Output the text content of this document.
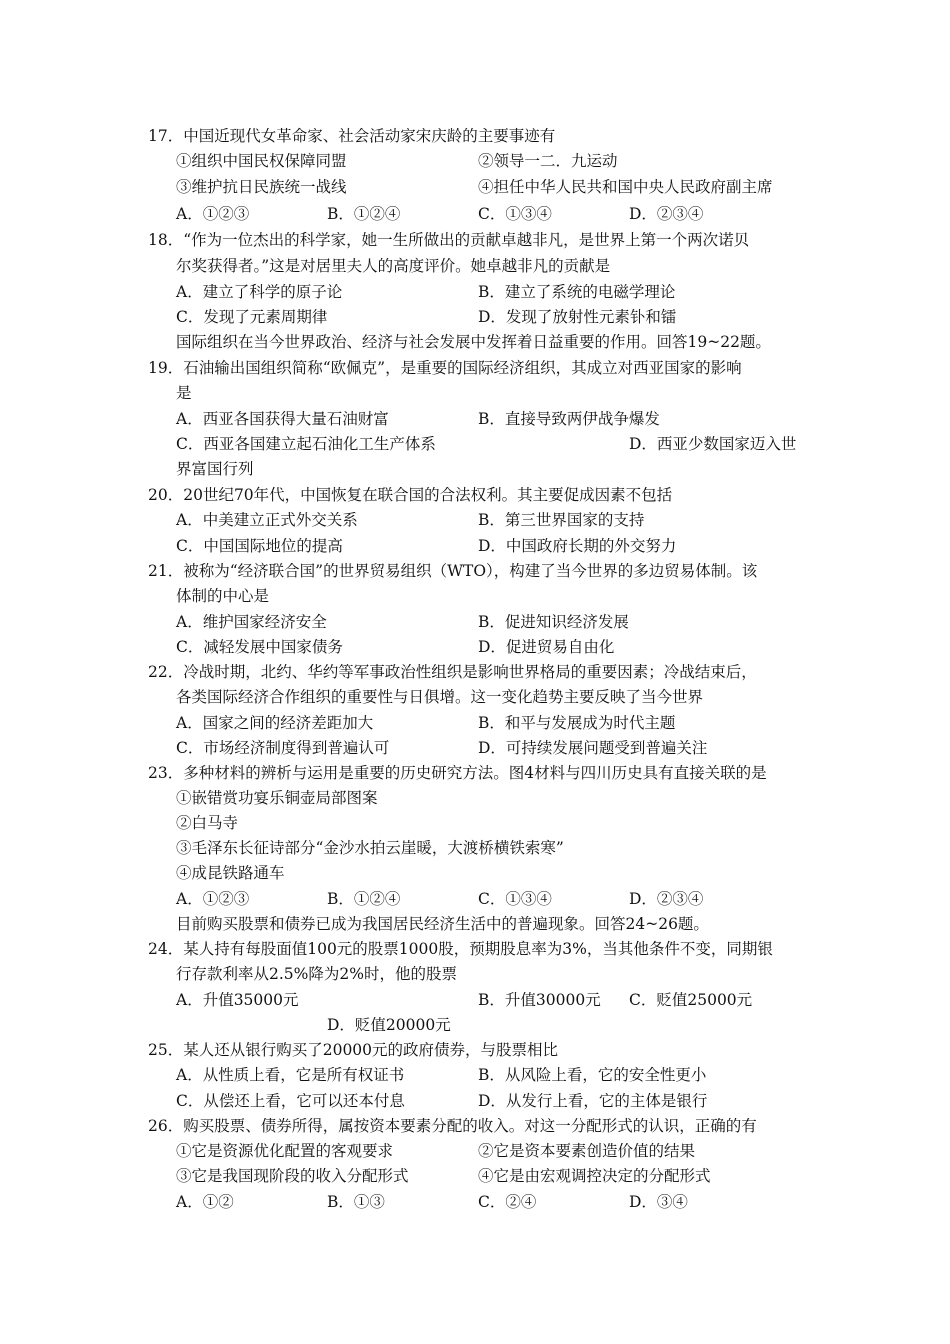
17．中国近现代女革命家、社会活动家宋庆龄的主要事迹有
①组织中国民权保障同盟	②领导一二．九运动
③维护抗日民族统一战线	④担任中华人民共和国中央人民政府副主席
A．①②③	B．①②④	C．①③④	D．②③④
18．“作为一位杰出的科学家，她一生所做出的贡献卓越非凡，是世界上第一个两次诺贝
尔奖获得者。”这是对居里夫人的高度评价。她卓越非凡的贡献是
A．建立了科学的原子论	B．建立了系统的电磁学理论
C．发现了元素周期律	D．发现了放射性元素钋和镭
国际组织在当今世界政治、经济与社会发展中发挥着日益重要的作用。回答19~22题。
19．石油输出国组织简称“欧佩克”，是重要的国际经济组织，其成立对西亚国家的影响
是
A．西亚各国获得大量石油财富	B．直接导致两伊战争爆发
C．西亚各国建立起石油化工生产体系	D．西亚少数国家迈入世
界富国行列
20．20世纪70年代，中国恢复在联合国的合法权利。其主要促成因素不包括
A．中美建立正式外交关系	B．第三世界国家的支持
C．中国国际地位的提高	D．中国政府长期的外交努力
21．被称为“经济联合国”的世界贸易组织（WTO），构建了当今世界的多边贸易体制。该
体制的中心是
A．维护国家经济安全	B．促进知识经济发展
C．减轻发展中国家债务	D．促进贸易自由化
22．冷战时期，北约、华约等军事政治性组织是影响世界格局的重要因素；冷战结束后，
各类国际经济合作组织的重要性与日俱增。这一变化趋势主要反映了当今世界
A．国家之间的经济差距加大	B．和平与发展成为时代主题
C．市场经济制度得到普遍认可	D．可持续发展问题受到普遍关注
23．多种材料的辨析与运用是重要的历史研究方法。图4材料与四川历史具有直接关联的是
①嵌错赏功宴乐铜壶局部图案
②白马寺
③毛泽东长征诗部分“金沙水拍云崖暖，大渡桥横铁索寒”
④成昆铁路通车
A．①②③	B．①②④	C．①③④	D．②③④
目前购买股票和债券已成为我国居民经济生活中的普遍现象。回答24~26题。
24．某人持有每股面值100元的股票1000股，预期股息率为3%，当其他条件不变，同期银
行存款利率从2.5%降为2%时，他的股票
A．升值35000元	B．升值30000元 C．贬值25000元
D．贬值20000元
25．某人还从银行购买了20000元的政府债券，与股票相比
A．从性质上看，它是所有权证书	B．从风险上看，它的安全性更小
C．从偿还上看，它可以还本付息	D．从发行上看，它的主体是银行
26．购买股票、债券所得，属按资本要素分配的收入。对这一分配形式的认识，正确的有
①它是资源优化配置的客观要求	②它是资本要素创造价值的结果
③它是我国现阶段的收入分配形式	④它是由宏观调控决定的分配形式
A．①②	B．①③	C．②④	D．③④
